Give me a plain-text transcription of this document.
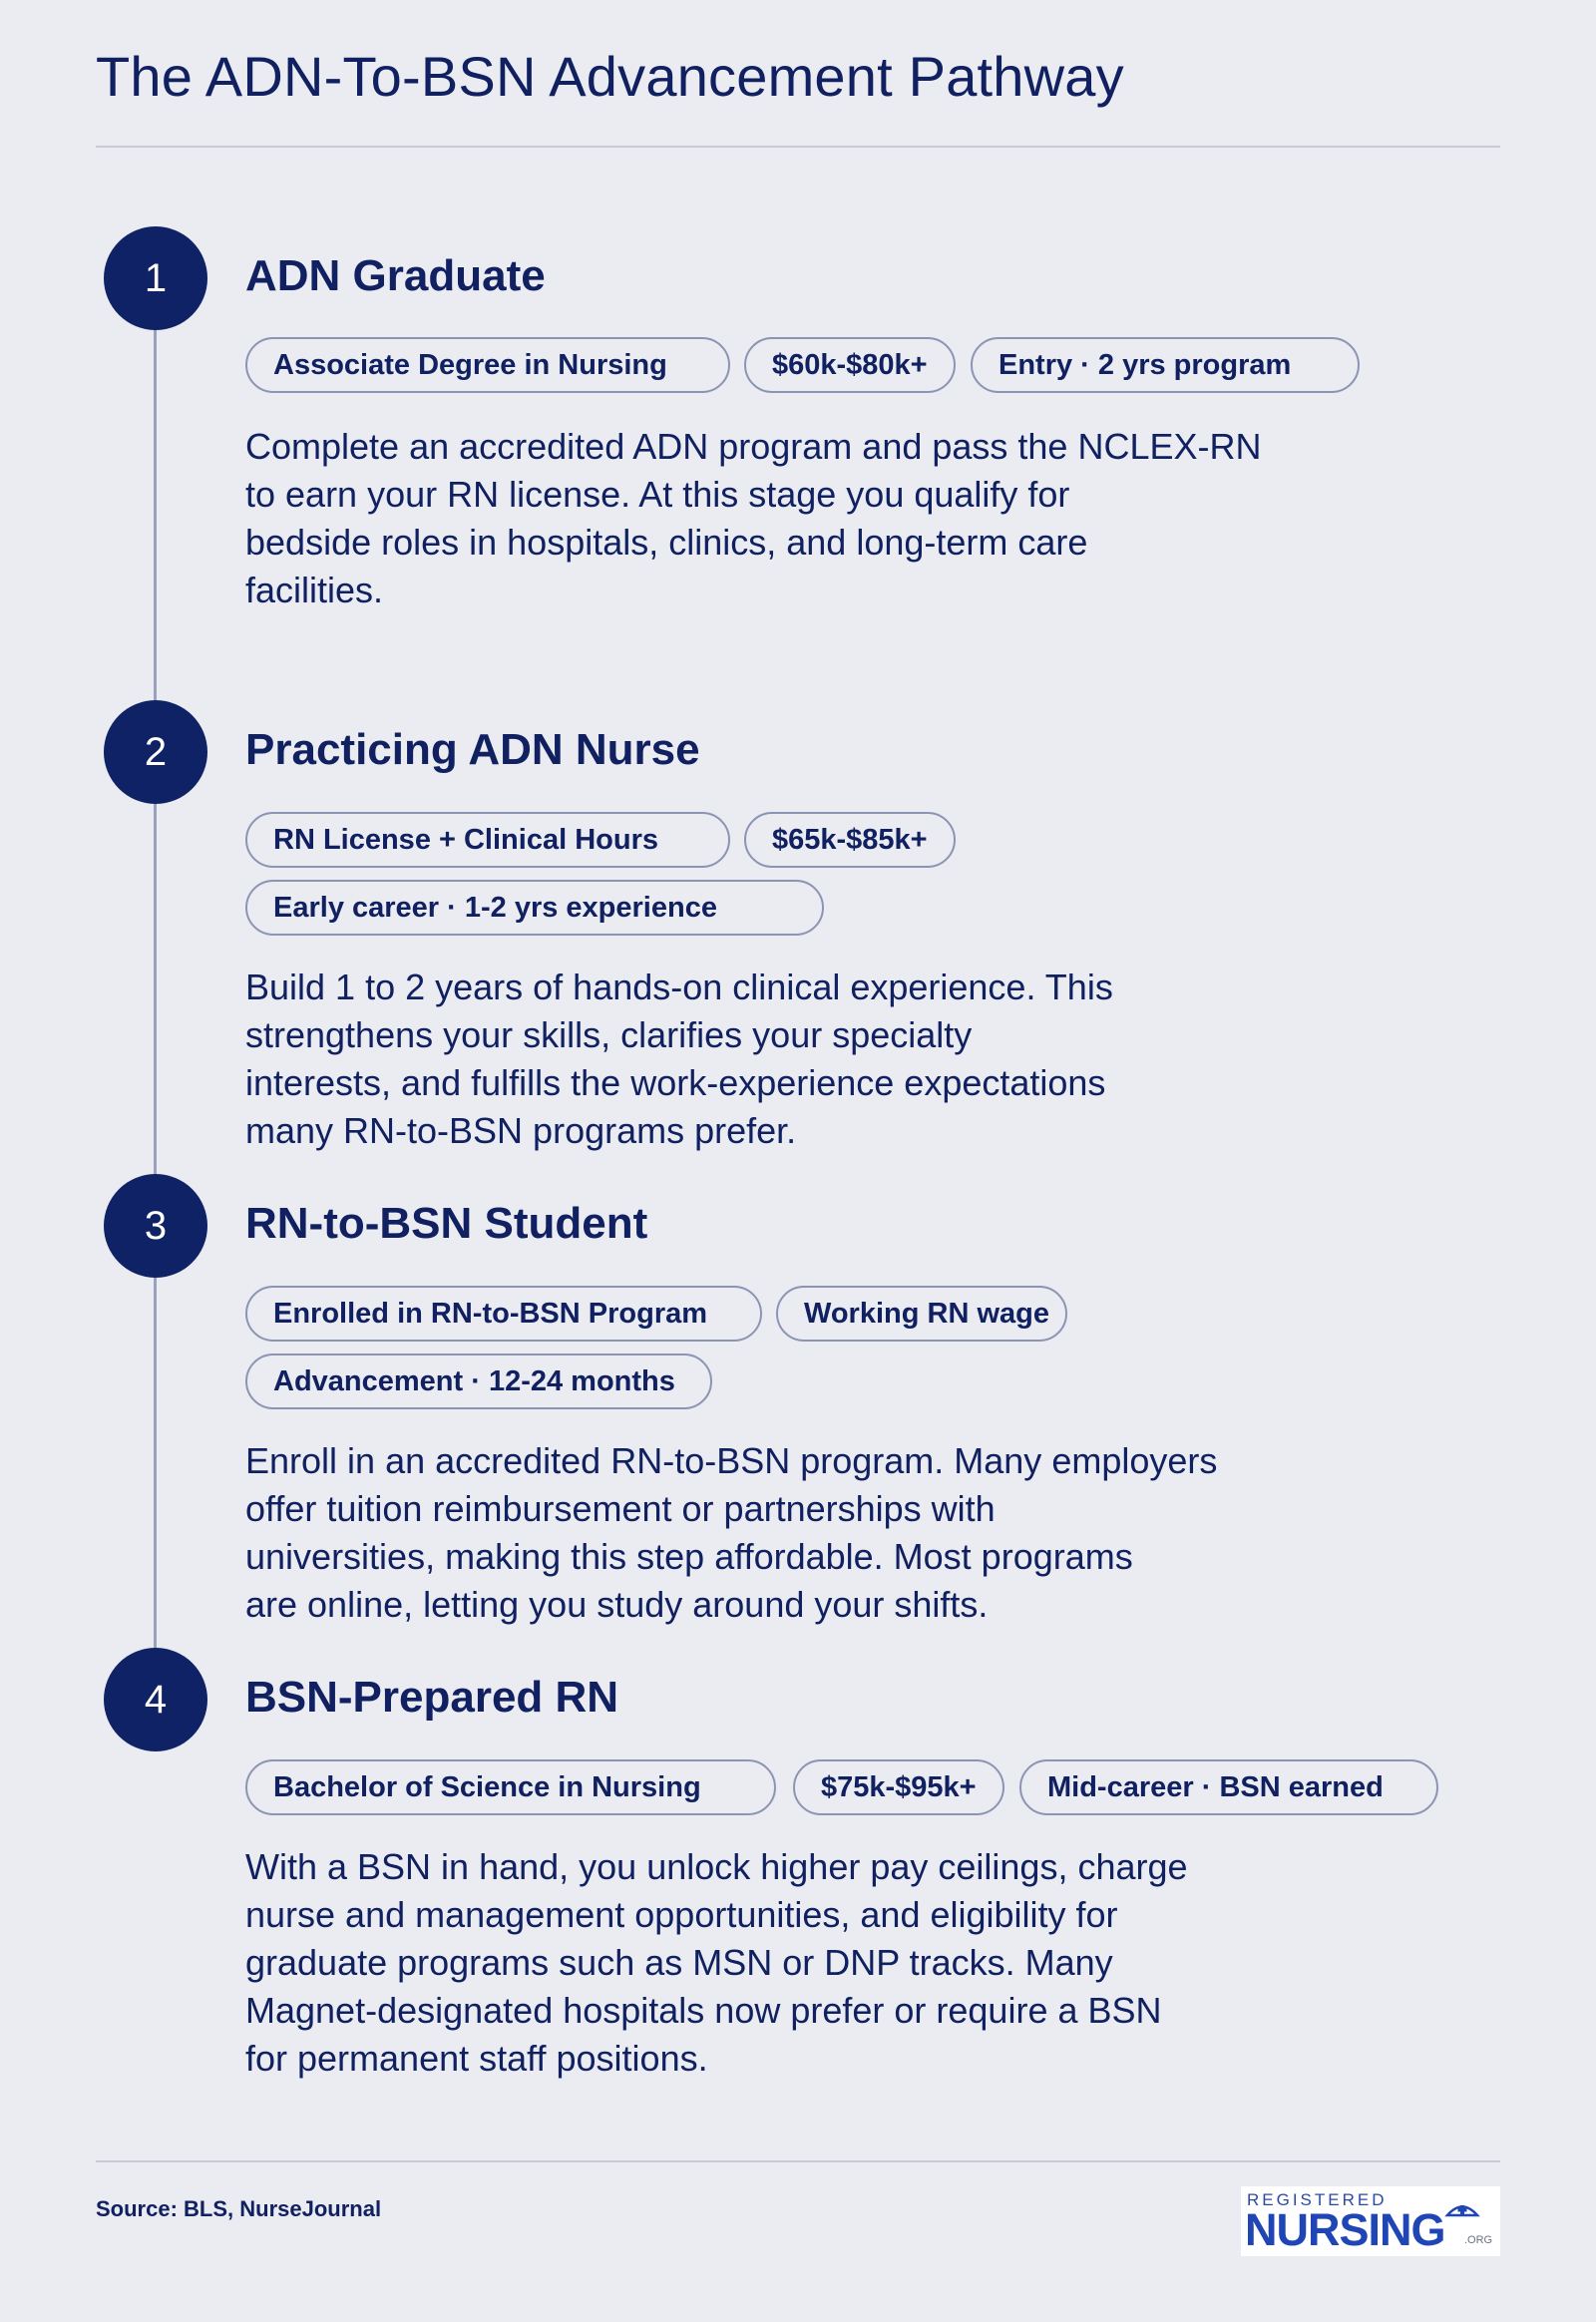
The ADN-To-BSN Advancement Pathway
1	ADN Graduate
Associate Degree in Nursing	$60k-$80k+	Entry · 2 yrs program
Complete an accredited ADN program and pass the NCLEX-RN
to earn your RN license. At this stage you qualify for
bedside roles in hospitals, clinics, and long-term care
facilities.
2	Practicing ADN Nurse
RN License + Clinical Hours	$65k-$85k+
Early career · 1-2 yrs experience
Build 1 to 2 years of hands-on clinical experience. This
strengthens your skills, clarifies your specialty
interests, and fulfills the work-experience expectations
many RN-to-BSN programs prefer.
3	RN-to-BSN Student
Enrolled in RN-to-BSN Program	Working RN wage
Advancement · 12-24 months
Enroll in an accredited RN-to-BSN program. Many employers
offer tuition reimbursement or partnerships with
universities, making this step affordable. Most programs
are online, letting you study around your shifts.
4	BSN-Prepared RN
Bachelor of Science in Nursing	$75k-$95k+	Mid-career · BSN earned
With a BSN in hand, you unlock higher pay ceilings, charge
nurse and management opportunities, and eligibility for
graduate programs such as MSN or DNP tracks. Many
Magnet-designated hospitals now prefer or require a BSN
for permanent staff positions.
Source: BLS, NurseJournal	REGISTERED
NURSING .ORG
